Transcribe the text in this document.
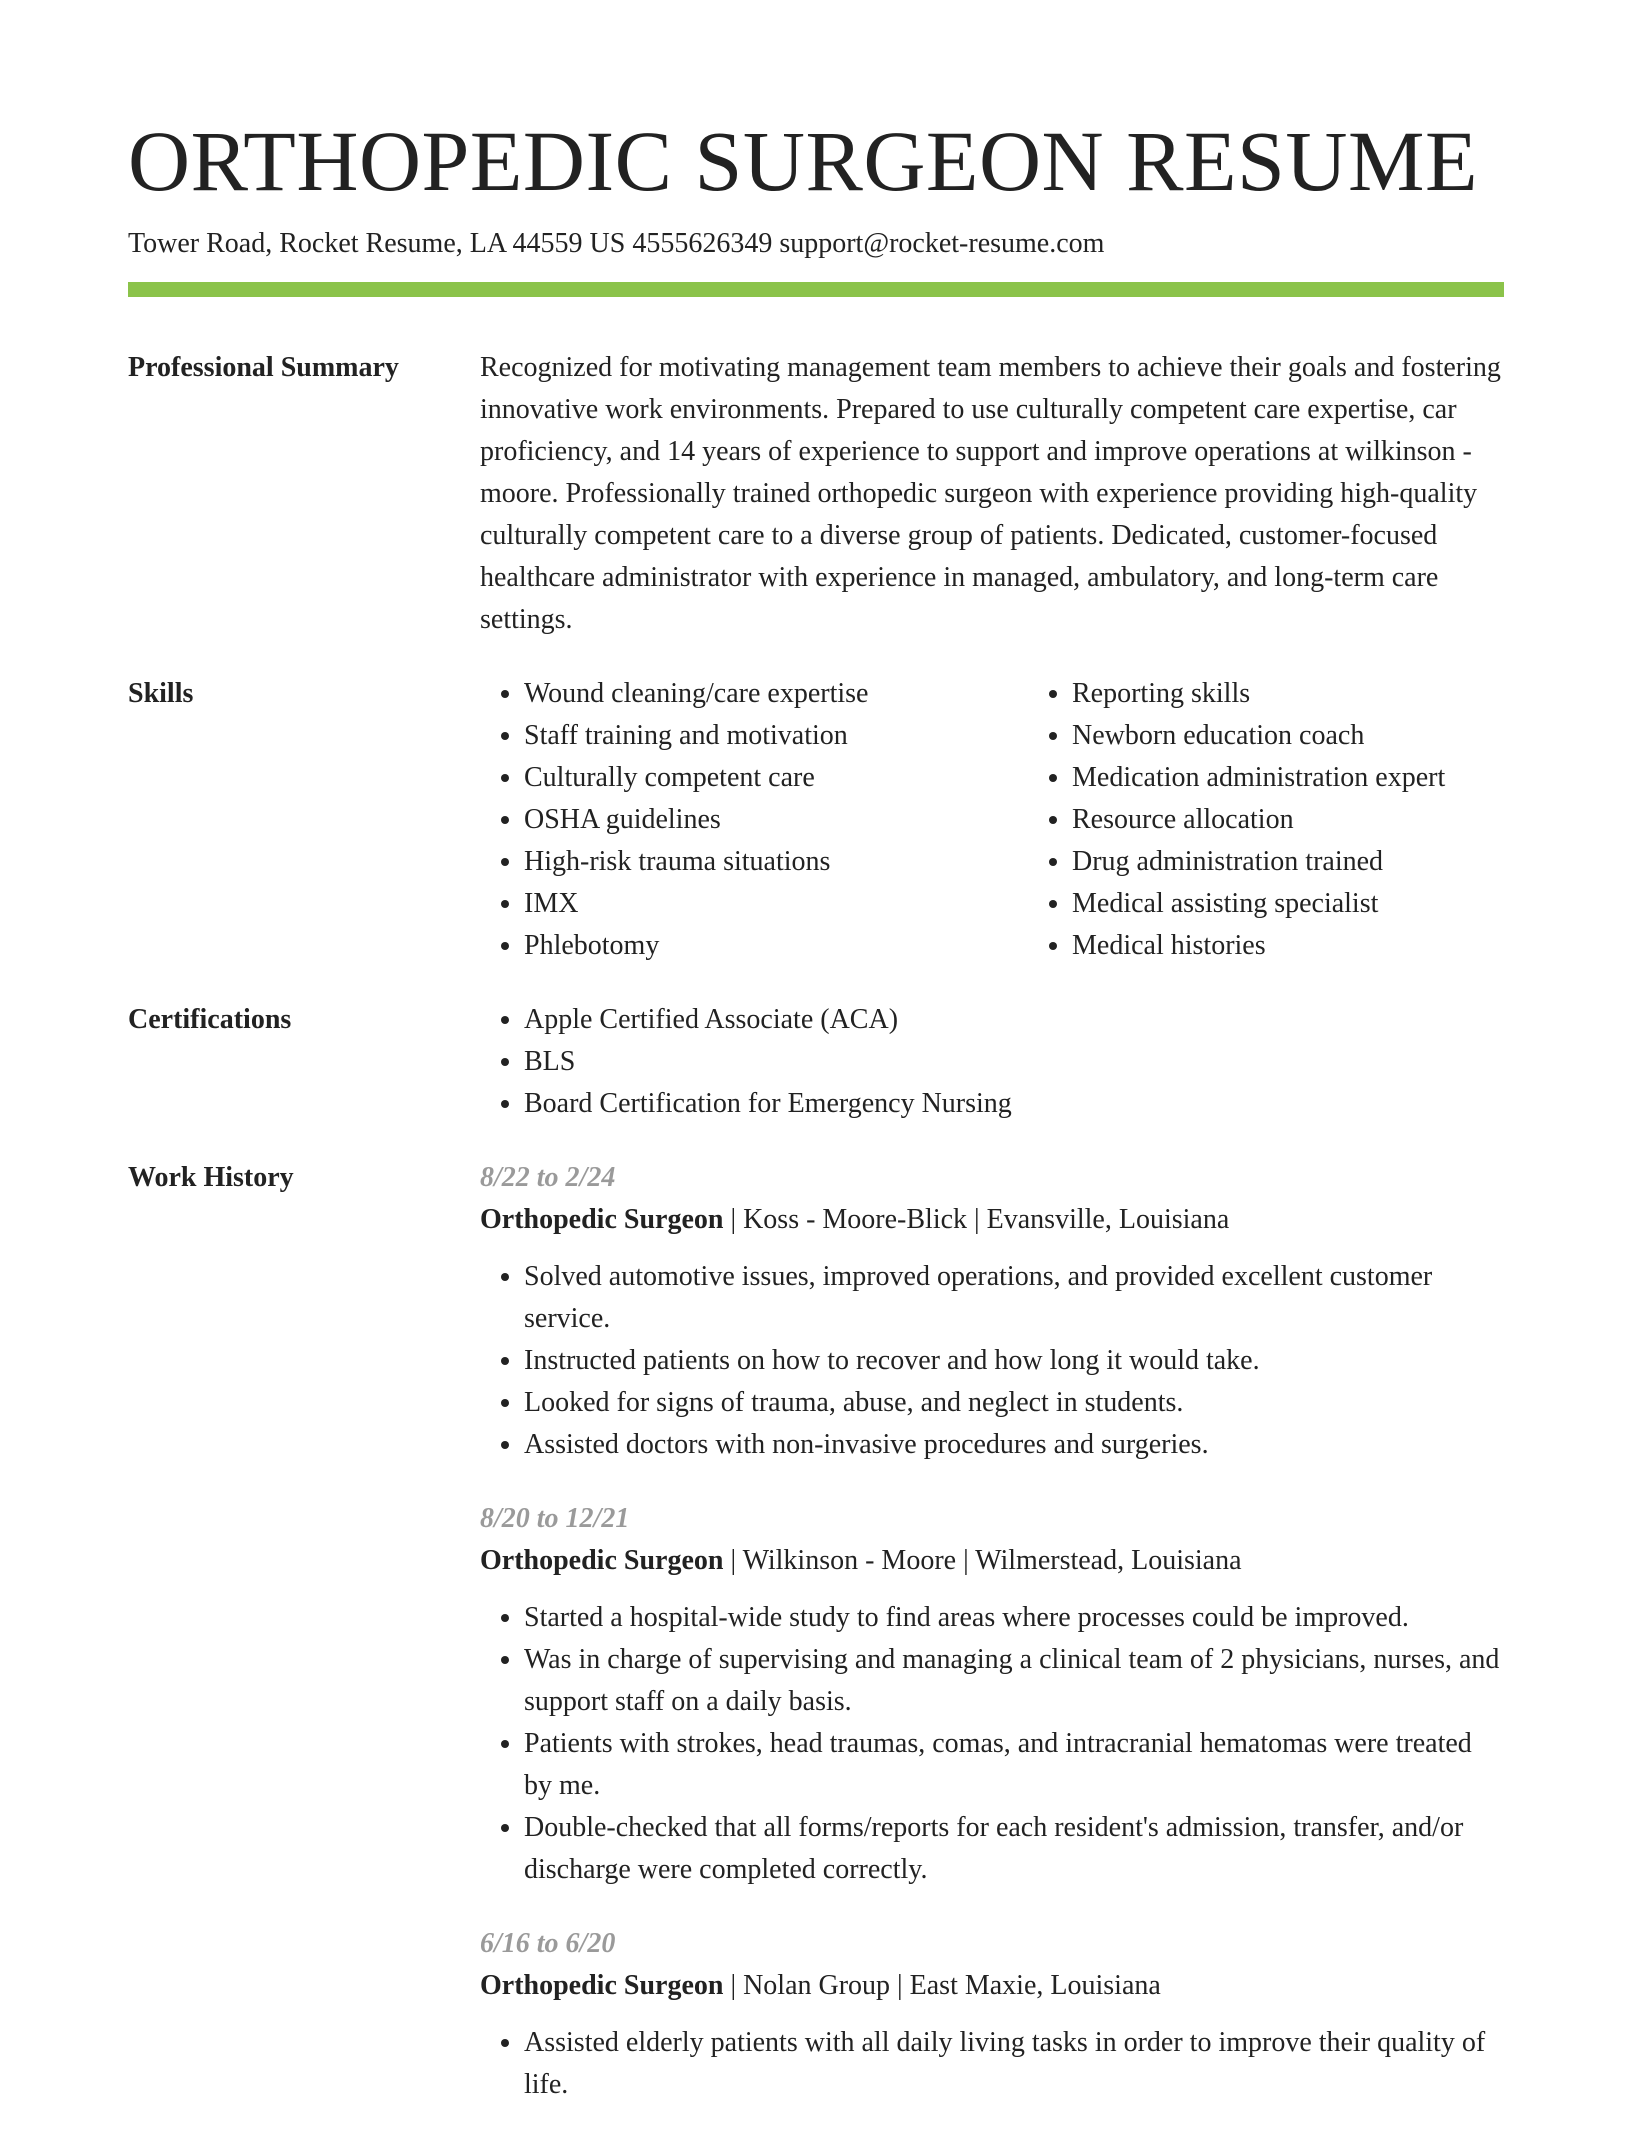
ORTHOPEDIC SURGEON RESUME
Tower Road, Rocket Resume, LA 44559 US 4555626349 support@rocket-resume.com
Professional Summary	Recognized for motivating management team members to achieve their goals and fostering innovative work environments. Prepared to use culturally competent care expertise, car proficiency, and 14 years of experience to support and improve operations at wilkinson - moore. Professionally trained orthopedic surgeon with experience providing high-quality culturally competent care to a diverse group of patients. Dedicated, customer-focused healthcare administrator with experience in managed, ambulatory, and long-term care settings.

Skills	• Wound cleaning/care expertise
• Staff training and motivation
• Culturally competent care
• OSHA guidelines
• High-risk trauma situations
• IMX
• Phlebotomy
• Reporting skills
• Newborn education coach
• Medication administration expert
• Resource allocation
• Drug administration trained
• Medical assisting specialist
• Medical histories
Certifications	• Apple Certified Associate (ACA)
• BLS
• Board Certification for Emergency Nursing
Work History	8/22 to 2/24
Orthopedic Surgeon | Koss - Moore-Blick | Evansville, Louisiana
• Solved automotive issues, improved operations, and provided excellent customer service.
• Instructed patients on how to recover and how long it would take.
• Looked for signs of trauma, abuse, and neglect in students.
• Assisted doctors with non-invasive procedures and surgeries.
8/20 to 12/21
Orthopedic Surgeon | Wilkinson - Moore | Wilmerstead, Louisiana
• Started a hospital-wide study to find areas where processes could be improved.
• Was in charge of supervising and managing a clinical team of 2 physicians, nurses, and support staff on a daily basis.
• Patients with strokes, head traumas, comas, and intracranial hematomas were treated by me.
• Double-checked that all forms/reports for each resident's admission, transfer, and/or discharge were completed correctly.
6/16 to 6/20
Orthopedic Surgeon | Nolan Group | East Maxie, Louisiana
• Assisted elderly patients with all daily living tasks in order to improve their quality of life.
